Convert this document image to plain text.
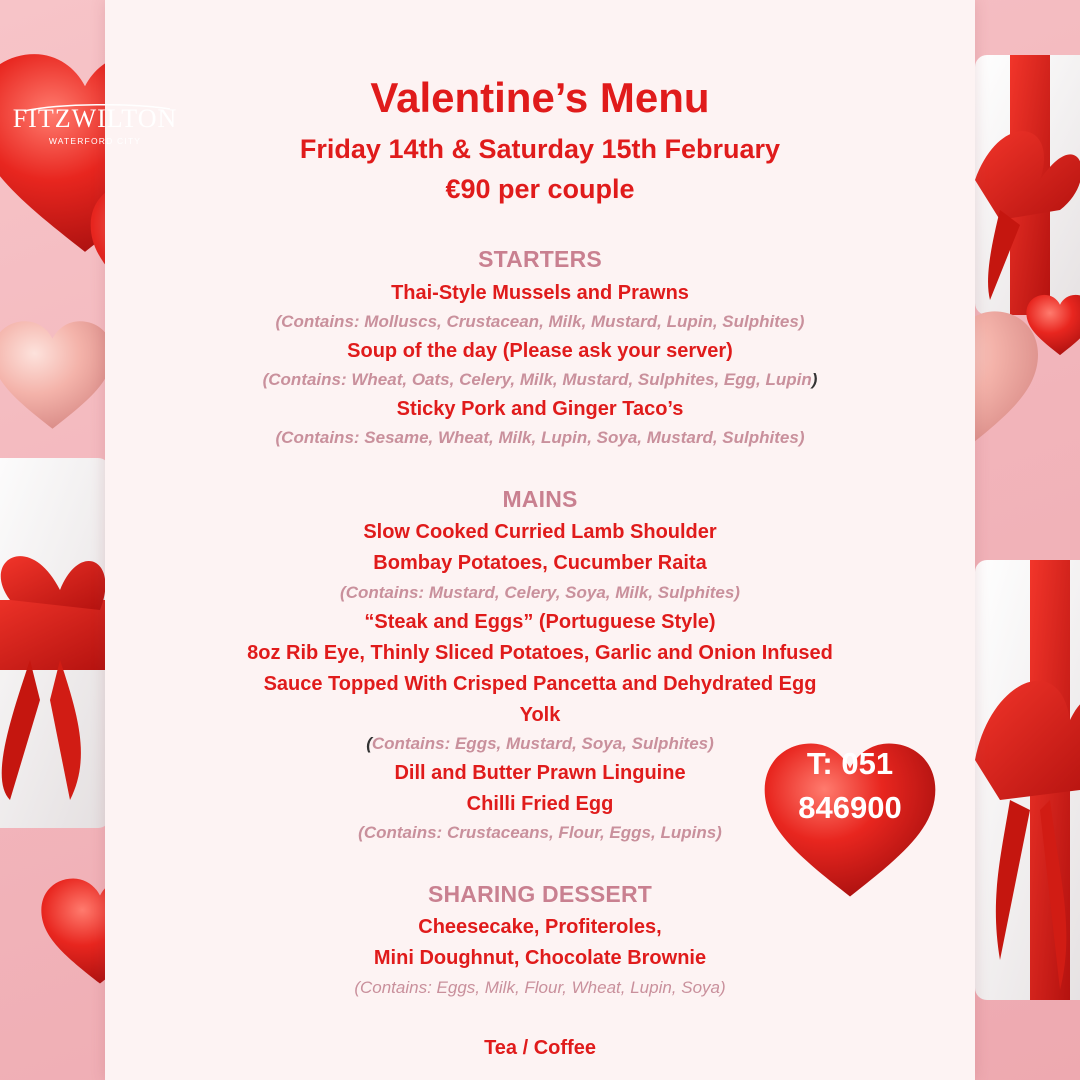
Valentine’s Menu
Friday 14th & Saturday 15th February
€90 per couple
STARTERS
Thai-Style Mussels and Prawns
(Contains: Molluscs, Crustacean, Milk, Mustard, Lupin, Sulphites)
Soup of the day (Please ask your server)
(Contains: Wheat, Oats, Celery, Milk, Mustard, Sulphites, Egg, Lupin)
Sticky Pork and Ginger Taco’s
(Contains: Sesame, Wheat, Milk, Lupin, Soya, Mustard, Sulphites)
MAINS
Slow Cooked Curried Lamb Shoulder
Bombay Potatoes, Cucumber Raita
(Contains: Mustard, Celery, Soya, Milk, Sulphites)
“Steak and Eggs” (Portuguese Style)
8oz Rib Eye, Thinly Sliced Potatoes, Garlic and Onion Infused
Sauce Topped With Crisped Pancetta and Dehydrated Egg
Yolk
(Contains: Eggs, Mustard, Soya, Sulphites)
Dill and Butter Prawn Linguine
Chilli Fried Egg
(Contains: Crustaceans, Flour, Eggs, Lupins)
SHARING DESSERT
Cheesecake, Profiteroles,
Mini Doughnut, Chocolate Brownie
(Contains: Eggs, Milk, Flour, Wheat, Lupin, Soya)
Tea / Coffee
FITZWILTON
WATERFORD CITY
T: 051
846900
